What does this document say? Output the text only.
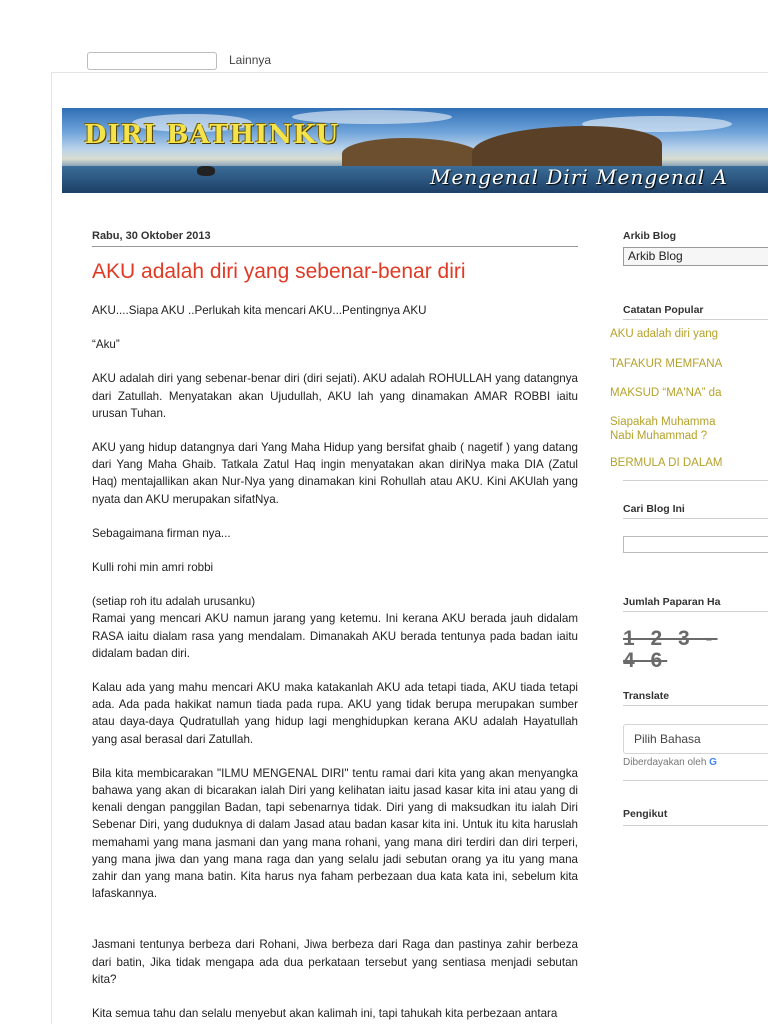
Lainnya
DIRI BATHINKU
Mengenal Diri Mengenal A
Rabu, 30 Oktober 2013
AKU adalah diri yang sebenar-benar diri

AKU....Siapa AKU ..Perlukah kita mencari AKU...Pentingnya AKU

“Aku”

AKU adalah diri yang sebenar-benar diri (diri sejati). AKU adalah ROHULLAH yang datangnya dari Zatullah. Menyatakan akan Ujudullah, AKU lah yang dinamakan AMAR ROBBI iaitu urusan Tuhan.

AKU yang hidup datangnya dari Yang Maha Hidup yang bersifat ghaib ( nagetif ) yang datang dari Yang Maha Ghaib. Tatkala Zatul Haq ingin menyatakan akan diriNya maka DIA (Zatul Haq) mentajallikan akan Nur-Nya yang dinamakan kini Rohullah atau AKU. Kini AKUlah yang nyata dan AKU merupakan sifatNya.

Sebagaimana firman nya...

Kulli rohi min amri robbi

(setiap roh itu adalah urusanku)

Ramai yang mencari AKU namun jarang yang ketemu. Ini kerana AKU berada jauh didalam RASA iaitu dialam rasa yang mendalam. Dimanakah AKU berada tentunya pada badan iaitu didalam badan diri.

Kalau ada yang mahu mencari AKU maka katakanlah AKU ada tetapi tiada, AKU tiada tetapi ada. Ada pada hakikat namun tiada pada rupa. AKU yang tidak berupa merupakan sumber atau daya-daya Qudratullah yang hidup lagi menghidupkan kerana AKU adalah Hayatullah yang asal berasal dari Zatullah.

Bila kita membicarakan "ILMU MENGENAL DIRI" tentu ramai dari kita yang akan menyangka bahawa yang akan di bicarakan ialah Diri yang kelihatan iaitu jasad kasar kita ini atau yang di kenali dengan panggilan Badan, tapi sebenarnya tidak. Diri yang di maksudkan itu ialah Diri Sebenar Diri, yang duduknya di dalam Jasad atau badan kasar kita ini. Untuk itu kita haruslah memahami yang mana jasmani dan yang mana rohani, yang mana diri terdiri dan diri terperi, yang mana jiwa dan yang mana raga dan yang selalu jadi sebutan orang ya itu yang mana zahir dan yang mana batin. Kita harus nya faham perbezaan dua kata kata ini, sebelum kita lafaskannya.

Jasmani tentunya berbeza dari Rohani, Jiwa berbeza dari Raga dan pastinya zahir berbeza dari batin, Jika tidak mengapa ada dua perkataan tersebut yang sentiasa menjadi sebutan kita?

Kita semua tahu dan selalu menyebut akan kalimah ini, tapi tahukah kita perbezaan antara

Arkib Blog
Arkib Blog
Catatan Popular
AKU adalah diri yang
TAFAKUR MEMFANA
MAKSUD “MA'NA” da
Siapakah Muhamma
Nabi Muhammad ?
BERMULA DI DALAM
Cari Blog Ini
Jumlah Paparan Ha
1 2 3 -
4 6
Translate
Pilih Bahasa
Diberdayakan oleh G
Pengikut
